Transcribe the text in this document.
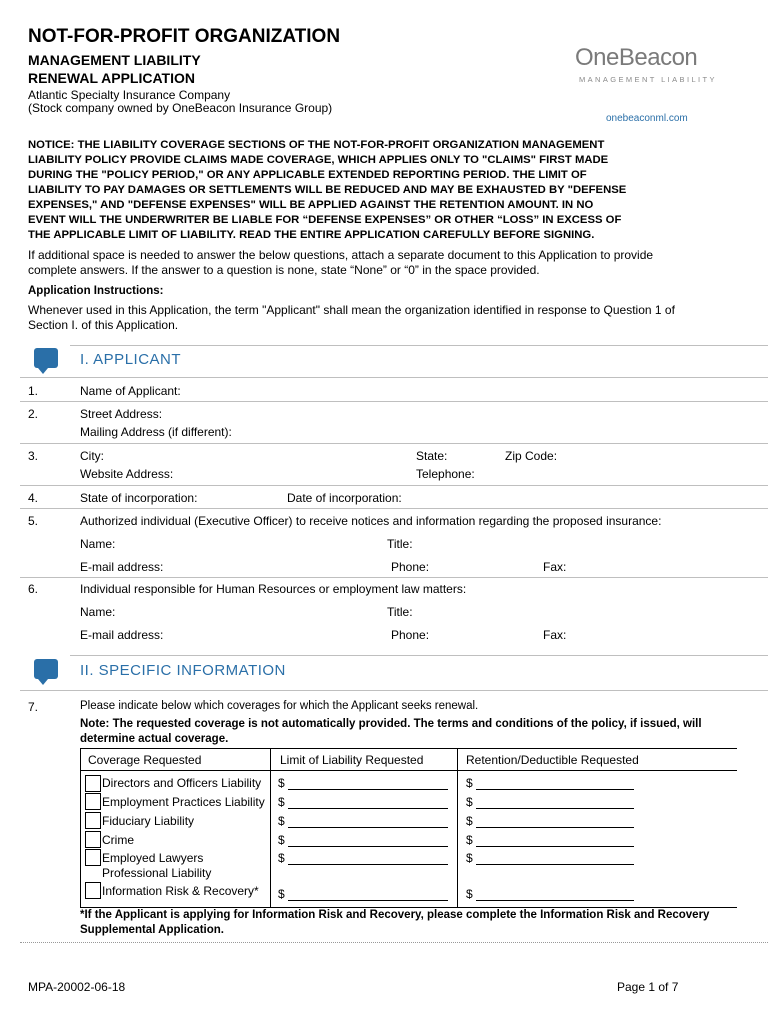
NOT-FOR-PROFIT ORGANIZATION
MANAGEMENT LIABILITY
RENEWAL APPLICATION
Atlantic Specialty Insurance Company
(Stock company owned by OneBeacon Insurance Group)
OneBeacon
MANAGEMENT LIABILITY
onebeaconml.com
NOTICE: THE LIABILITY COVERAGE SECTIONS OF THE NOT-FOR-PROFIT ORGANIZATION MANAGEMENT
LIABILITY POLICY PROVIDE CLAIMS MADE COVERAGE, WHICH APPLIES ONLY TO "CLAIMS" FIRST MADE
DURING THE "POLICY PERIOD," OR ANY APPLICABLE EXTENDED REPORTING PERIOD. THE LIMIT OF
LIABILITY TO PAY DAMAGES OR SETTLEMENTS WILL BE REDUCED AND MAY BE EXHAUSTED BY "DEFENSE
EXPENSES," AND "DEFENSE EXPENSES" WILL BE APPLIED AGAINST THE RETENTION AMOUNT. IN NO
EVENT WILL THE UNDERWRITER BE LIABLE FOR “DEFENSE EXPENSES” OR OTHER “LOSS” IN EXCESS OF
THE APPLICABLE LIMIT OF LIABILITY. READ THE ENTIRE APPLICATION CAREFULLY BEFORE SIGNING.
If additional space is needed to answer the below questions, attach a separate document to this Application to provide
complete answers. If the answer to a question is none, state “None” or “0” in the space provided.
Application Instructions:
Whenever used in this Application, the term "Applicant" shall mean the organization identified in response to Question 1 of
Section I. of this Application.
I. APPLICANT
1.	Name of Applicant:
2.	Street Address:
Mailing Address (if different):
3.	City:	State:	Zip Code:
Website Address:	Telephone:
4.	State of incorporation:	Date of incorporation:
5.	Authorized individual (Executive Officer) to receive notices and information regarding the proposed insurance:
Name:	Title:
E-mail address:	Phone:	Fax:
6.	Individual responsible for Human Resources or employment law matters:
Name:	Title:
E-mail address:	Phone:	Fax:
II. SPECIFIC INFORMATION
7.	Please indicate below which coverages for which the Applicant seeks renewal.
Note: The requested coverage is not automatically provided. The terms and conditions of the policy, if issued, will
determine actual coverage.
Coverage Requested	Limit of Liability Requested	Retention/Deductible Requested
Directors and Officers Liability $	$
Employment Practices Liability $	$
Fiduciary Liability	$	$
Crime	$	$
Employed Lawyers
Professional Liability
$	$
Information Risk & Recovery* $	$
*If the Applicant is applying for Information Risk and Recovery, please complete the Information Risk and Recovery
Supplemental Application.
MPA-20002-06-18	Page 1 of 7
